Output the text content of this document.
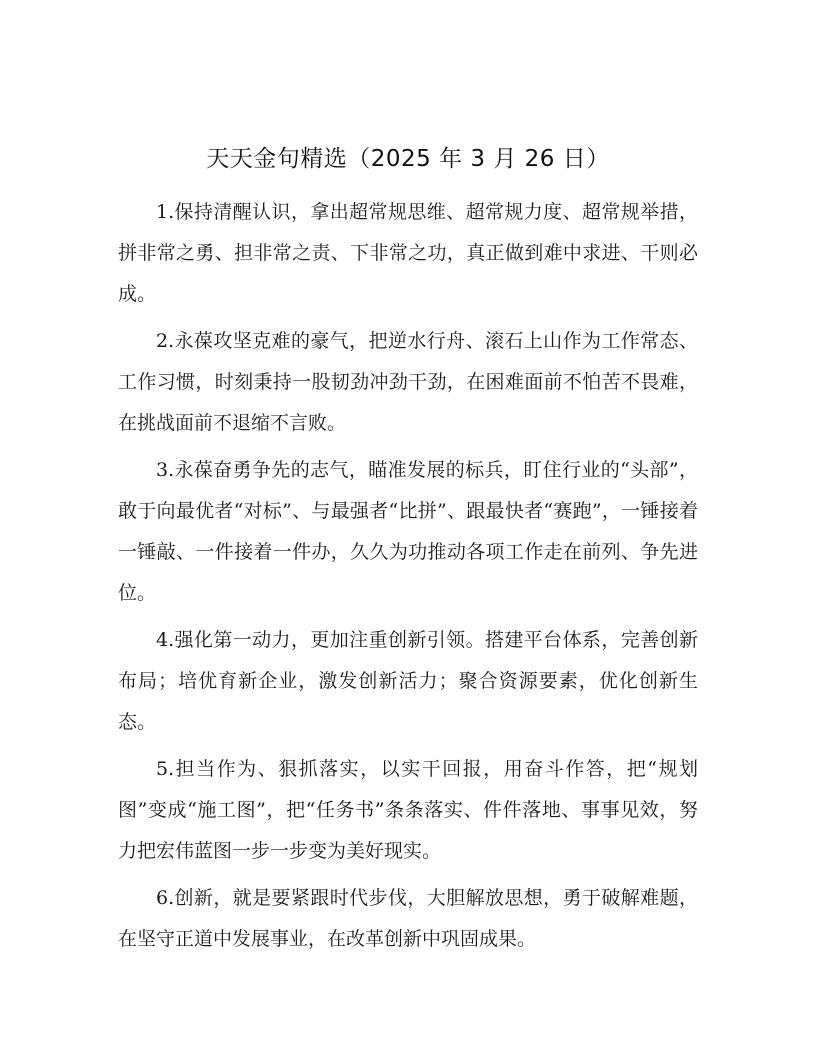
天天金句精选（2025 年 3 月 26 日）

1.保持清醒认识，拿出超常规思维、超常规力度、超常规举措，拼非常之勇、担非常之责、下非常之功，真正做到难中求进、干则必成。

2.永葆攻坚克难的豪气，把逆水行舟、滚石上山作为工作常态、工作习惯，时刻秉持一股韧劲冲劲干劲，在困难面前不怕苦不畏难，在挑战面前不退缩不言败。

3.永葆奋勇争先的志气，瞄准发展的标兵，盯住行业的“头部”，敢于向最优者“对标”、与最强者“比拼”、跟最快者“赛跑”，一锤接着一锤敲、一件接着一件办，久久为功推动各项工作走在前列、争先进位。

4.强化第一动力，更加注重创新引领。搭建平台体系，完善创新布局；培优育新企业，激发创新活力；聚合资源要素，优化创新生态。

5.担当作为、狠抓落实，以实干回报，用奋斗作答，把“规划图”变成“施工图”，把“任务书”条条落实、件件落地、事事见效，努力把宏伟蓝图一步一步变为美好现实。

6.创新，就是要紧跟时代步伐，大胆解放思想，勇于破解难题，在坚守正道中发展事业，在改革创新中巩固成果。
